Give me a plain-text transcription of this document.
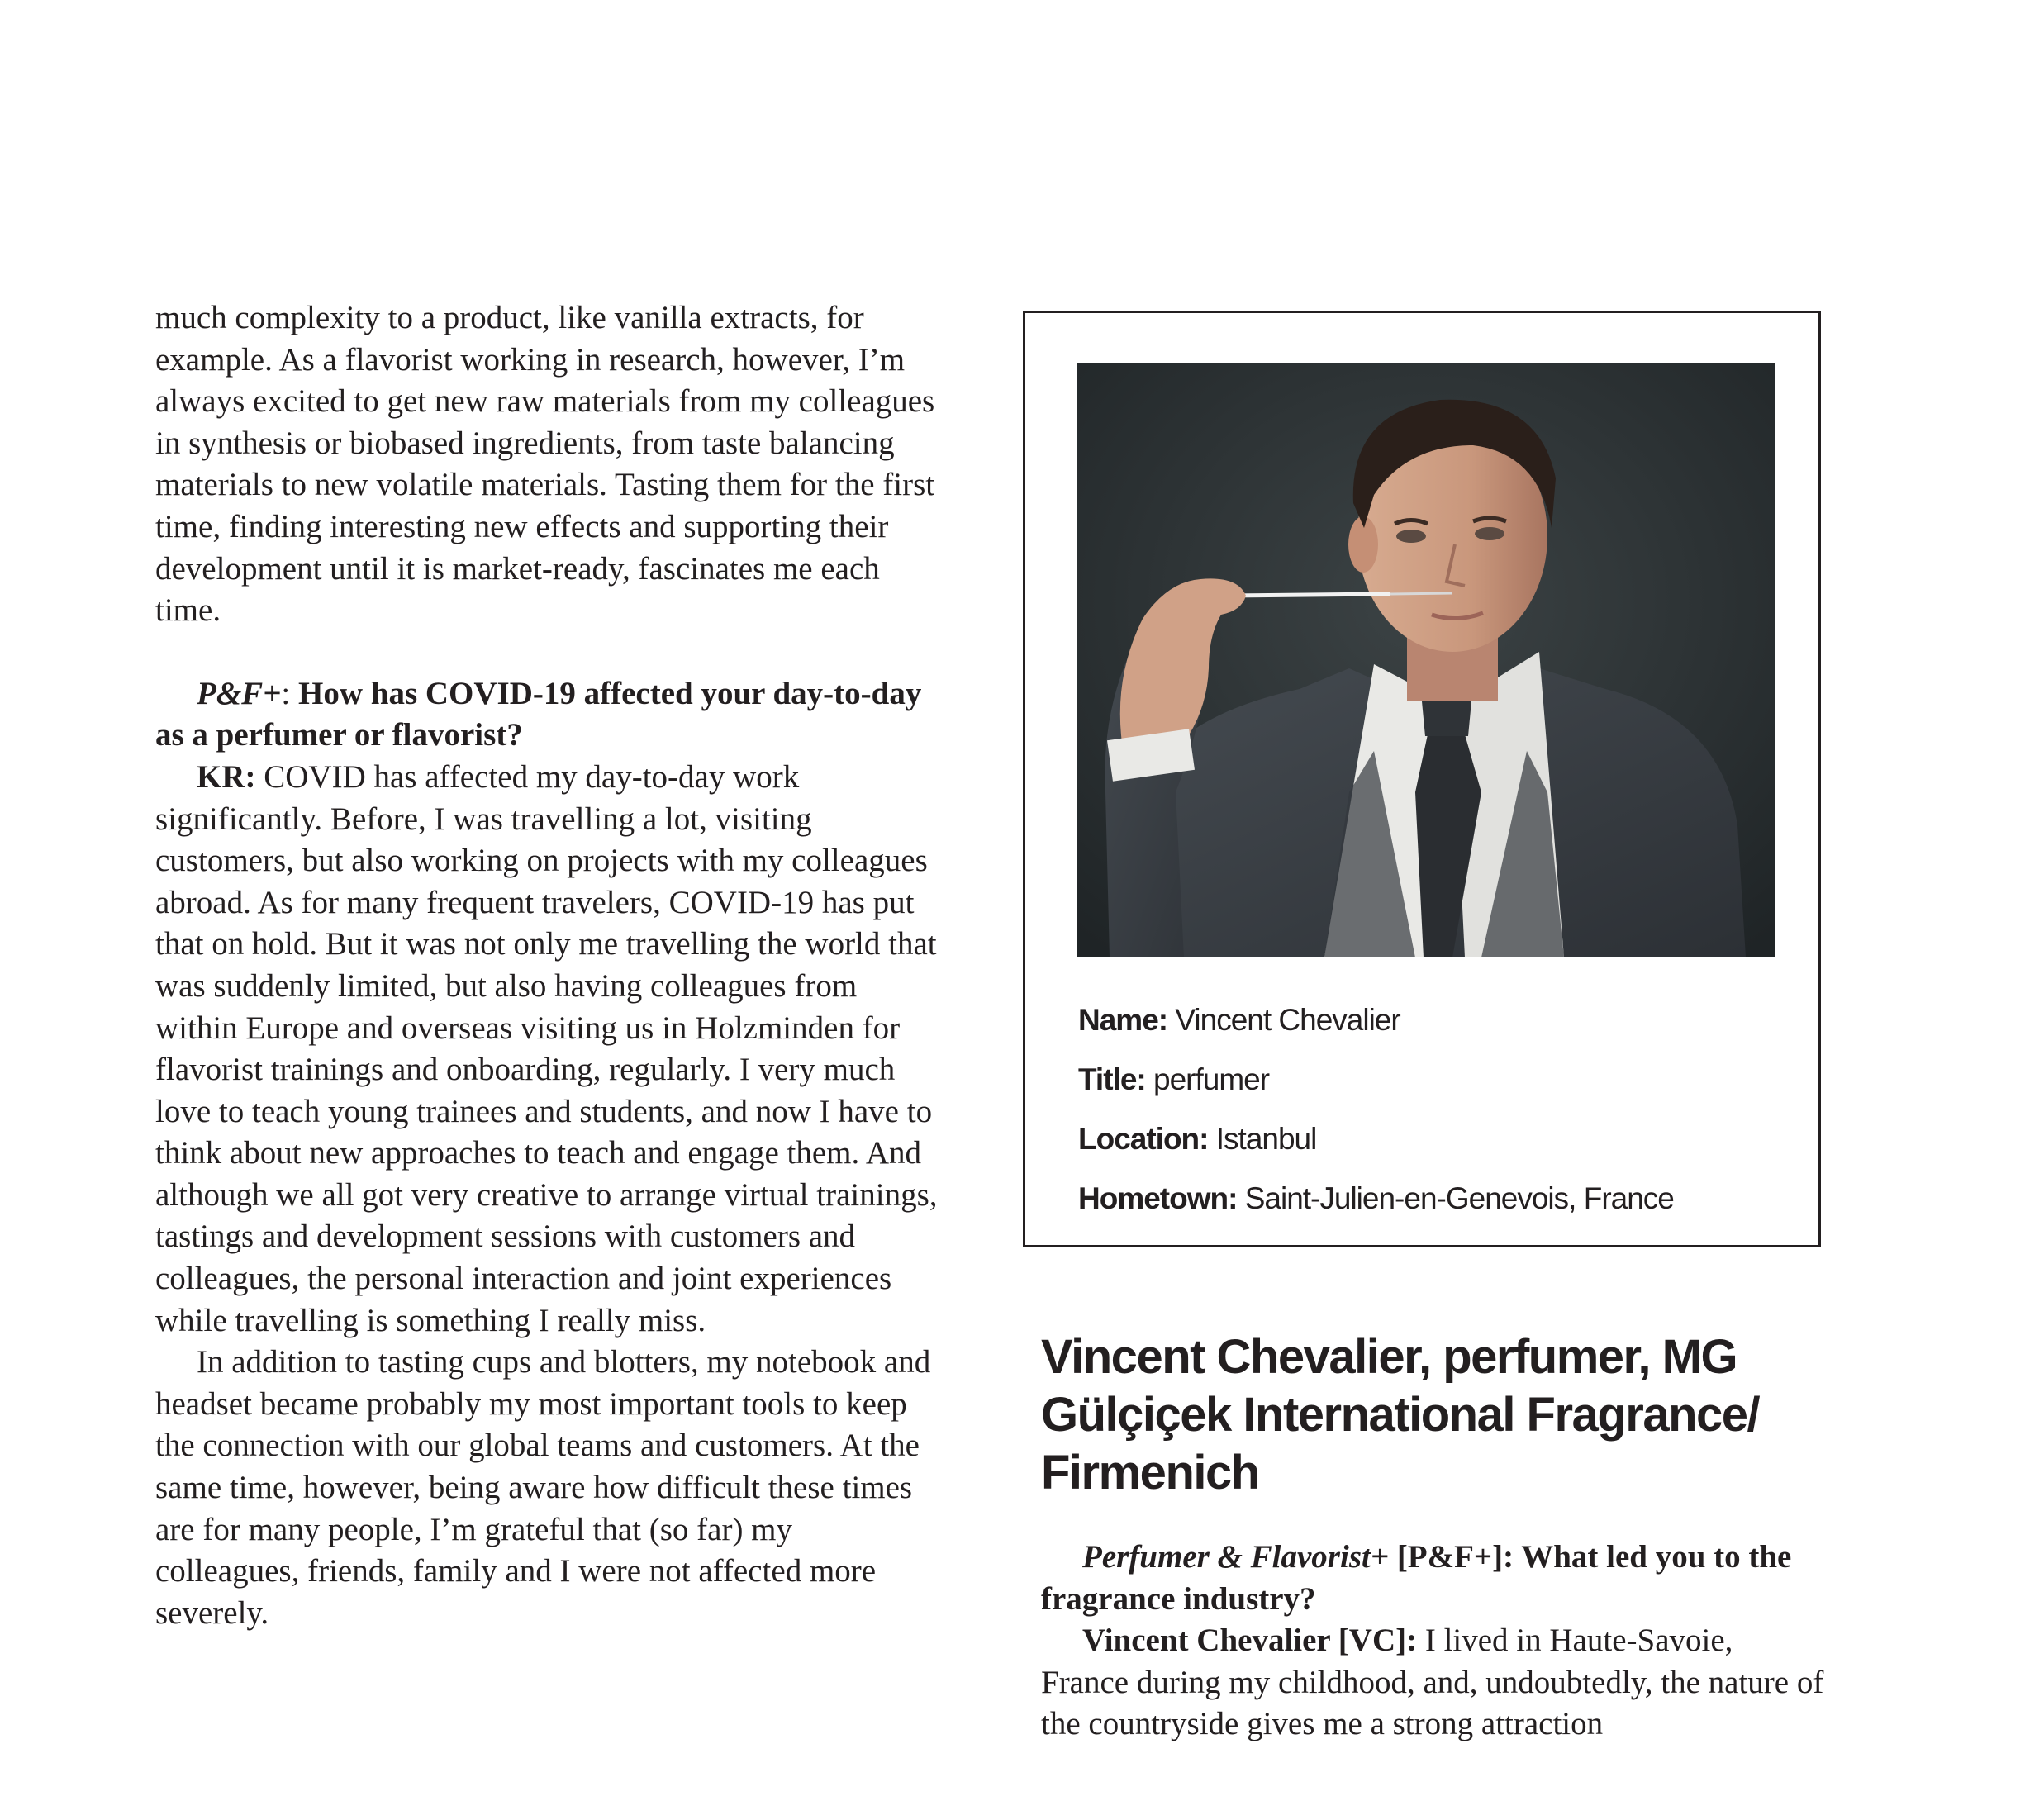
much complexity to a product, like vanilla extracts, for example. As a flavorist working in research, however, I’m always excited to get new raw materials from my colleagues in synthesis or biobased ingredients, from taste balancing materials to new volatile materials. Tasting them for the first time, finding interesting new effects and supporting their development until it is market-ready, fascinates me each time.

P&F+: How has COVID-19 affected your day-to-day as a perfumer or flavorist?

KR: COVID has affected my day-to-day work significantly. Before, I was travelling a lot, visiting customers, but also working on projects with my colleagues abroad. As for many frequent travelers, COVID-19 has put that on hold. But it was not only me travelling the world that was suddenly limited, but also having colleagues from within Europe and overseas visiting us in Holzminden for flavorist trainings and onboarding, regularly. I very much love to teach young trainees and students, and now I have to think about new approaches to teach and engage them. And although we all got very creative to arrange virtual trainings, tastings and development sessions with customers and colleagues, the personal interaction and joint experiences while travelling is something I really miss.

In addition to tasting cups and blotters, my notebook and headset became probably my most important tools to keep the connection with our global teams and customers. At the same time, however, being aware how difficult these times are for many people, I’m grateful that (so far) my colleagues, friends, family and I were not affected more severely.

Name: Vincent Chevalier
Title: perfumer
Location: Istanbul
Hometown: Saint-Julien-en-Genevois, France
Vincent Chevalier, perfumer, MG Gülçiçek International Fragrance/ Firmenich

Perfumer & Flavorist+ [P&F+]: What led you to the fragrance industry?

Vincent Chevalier [VC]: I lived in Haute-Savoie, France during my childhood, and, undoubtedly, the nature of the countryside gives me a strong attraction
